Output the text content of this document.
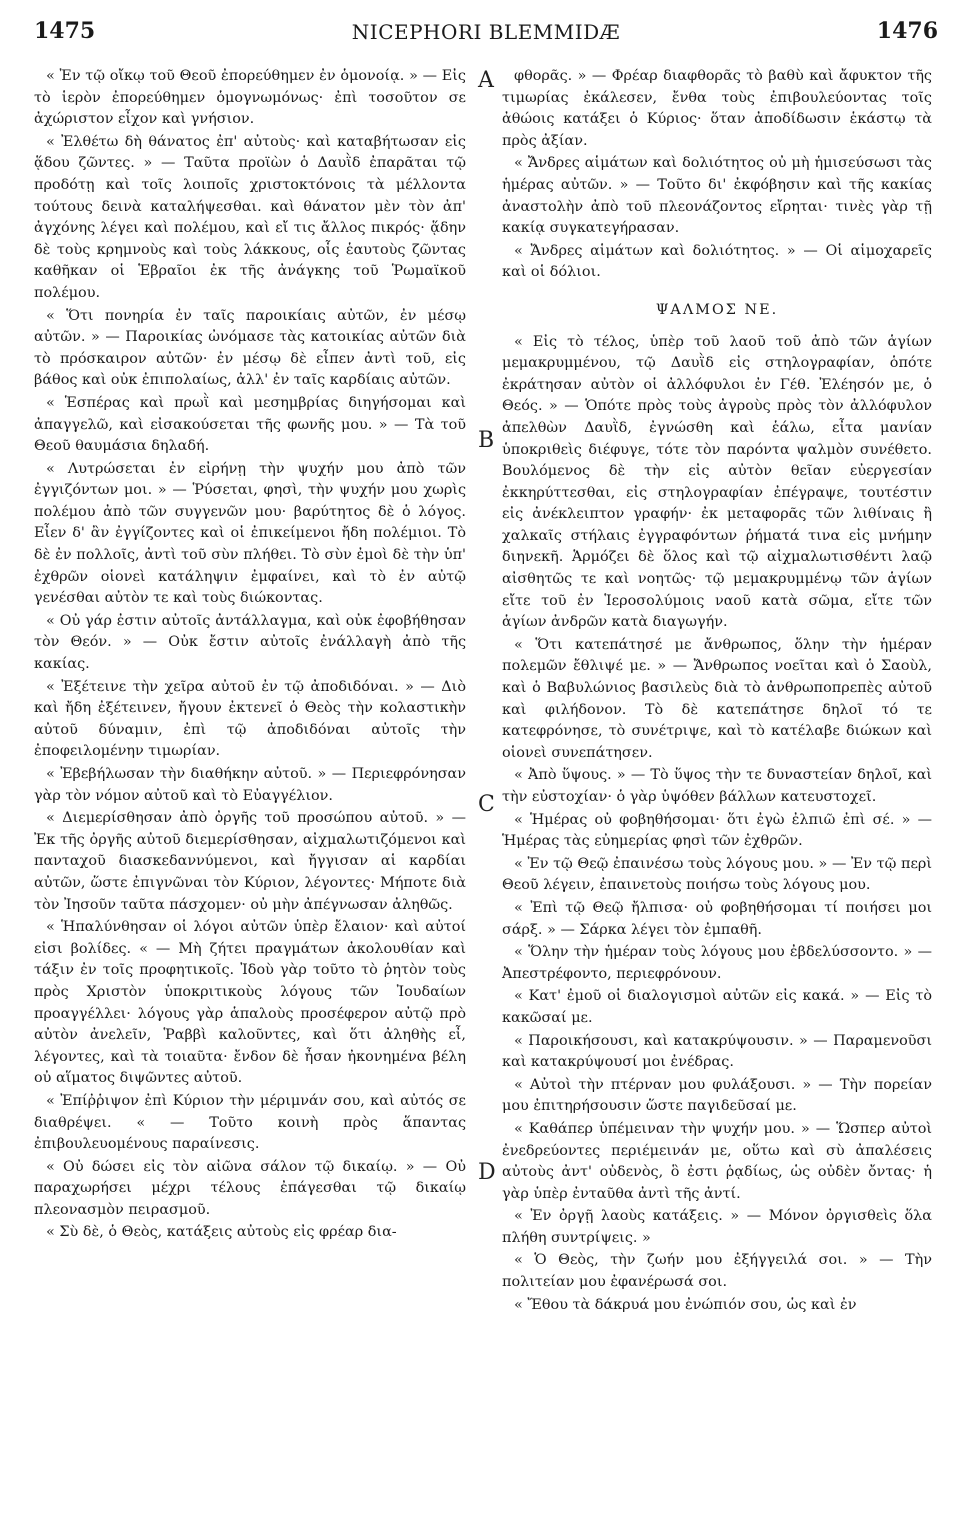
1475	NICEPHORI BLEMMIDÆ	1476

« Ἐν τῷ οἴκῳ τοῦ Θεοῦ ἐπορεύθημεν ἐν ὁμονοίᾳ. » — Εἰς τὸ ἱερὸν ἐπορεύθημεν ὁμογνωμόνως· ἐπὶ τοσοῦτον σε ἀχώριστον εἶχον καὶ γνήσιον.

« Ἐλθέτω δὴ θάνατος ἐπ' αὐτοὺς· καὶ καταβήτωσαν εἰς ᾅδου ζῶντες. » — Ταῦτα προϊὼν ὁ Δαυῒδ ἐπαρᾶται τῷ προδότῃ καὶ τοῖς λοιποῖς χριστοκτόνοις τὰ μέλλοντα τούτους δεινὰ καταλήψεσθαι. καὶ θάνατον μὲν τὸν ἀπ' ἀγχόνης λέγει καὶ πολέμου, καὶ εἴ τις ἄλλος πικρός· ᾅδην δὲ τοὺς κρημνοὺς καὶ τοὺς λάκκους, οἷς ἑαυτοὺς ζῶντας καθῆκαν οἱ Ἑβραῖοι ἐκ τῆς ἀνάγκης τοῦ Ῥωμαϊκοῦ πολέμου.

« Ὅτι πονηρία ἐν ταῖς παροικίαις αὐτῶν, ἐν μέσῳ αὐτῶν. » — Παροικίας ὠνόμασε τὰς κατοικίας αὐτῶν διὰ τὸ πρόσκαιρον αὐτῶν· ἐν μέσῳ δὲ εἶπεν ἀντὶ τοῦ, εἰς βάθος καὶ οὐκ ἐπιπολαίως, ἀλλ' ἐν ταῖς καρδίαις αὐτῶν.

« Ἑσπέρας καὶ πρωῒ καὶ μεσημβρίας διηγήσομαι καὶ ἀπαγγελῶ, καὶ εἰσακούσεται τῆς φωνῆς μου. » — Τὰ τοῦ Θεοῦ θαυμάσια δηλαδή.

« Λυτρώσεται ἐν εἰρήνῃ τὴν ψυχήν μου ἀπὸ τῶν ἐγγιζόντων μοι. » — Ῥύσεται, φησὶ, τὴν ψυχήν μου χωρὶς πολέμου ἀπὸ τῶν συγγενῶν μου· βαρύτητος δὲ ὁ λόγος. Εἶεν δ' ἂν ἐγγίζοντες καὶ οἱ ἐπικείμενοι ἤδη πολέμιοι. Τὸ δὲ ἐν πολλοῖς, ἀντὶ τοῦ σὺν πλήθει. Τὸ σὺν ἐμοὶ δὲ τὴν ὑπ' ἐχθρῶν οἱονεὶ κατάληψιν ἐμφαίνει, καὶ τὸ ἐν αὐτῷ γενέσθαι αὐτὸν τε καὶ τοὺς διώκοντας.

« Οὐ γάρ ἐστιν αὐτοῖς ἀντάλλαγμα, καὶ οὐκ ἐφοβήθησαν τὸν Θεόν. » — Οὐκ ἔστιν αὐτοῖς ἐνάλλαγὴ ἀπὸ τῆς κακίας.

« Ἐξέτεινε τὴν χεῖρα αὐτοῦ ἐν τῷ ἀποδιδόναι. » — Διὸ καὶ ἤδη ἐξέτεινεν, ἤγουν ἐκτενεῖ ὁ Θεὸς τὴν κολαστικὴν αὐτοῦ δύναμιν, ἐπὶ τῷ ἀποδιδόναι αὐτοῖς τὴν ἐποφειλομένην τιμωρίαν.

« Ἐβεβήλωσαν τὴν διαθήκην αὐτοῦ. » — Περιεφρόνησαν γὰρ τὸν νόμον αὐτοῦ καὶ τὸ Εὐαγγέλιον.

« Διεμερίσθησαν ἀπὸ ὀργῆς τοῦ προσώπου αὐτοῦ. » — Ἐκ τῆς ὀργῆς αὐτοῦ διεμερίσθησαν, αἰχμαλωτιζόμενοι καὶ πανταχοῦ διασκεδαννύμενοι, καὶ ἤγγισαν αἱ καρδίαι αὐτῶν, ὥστε ἐπιγνῶναι τὸν Κύριον, λέγοντες· Μήποτε διὰ τὸν Ἰησοῦν ταῦτα πάσχομεν· οὐ μὴν ἀπέγνωσαν ἀληθῶς.

« Ἡπαλύνθησαν οἱ λόγοι αὐτῶν ὑπὲρ ἔλαιον· καὶ αὐτοί εἰσι βολίδες. « — Μὴ ζήτει πραγμάτων ἀκολουθίαν καὶ τάξιν ἐν τοῖς προφητικοῖς. Ἰδοὺ γὰρ τοῦτο τὸ ῥητὸν τοὺς πρὸς Χριστὸν ὑποκριτικοὺς λόγους τῶν Ἰουδαίων προαγγέλλει· λόγους γὰρ ἁπαλοὺς προσέφερον αὐτῷ πρὸ αὐτὸν ἀνελεῖν, Ῥαββὶ καλοῦντες, καὶ ὅτι ἀληθὴς εἶ, λέγοντες, καὶ τὰ τοιαῦτα· ἔνδον δὲ ἦσαν ἠκονημένα βέλη οὐ αἵματος διψῶντες αὐτοῦ.

« Ἐπίῤῥιψον ἐπὶ Κύριον τὴν μέριμνάν σου, καὶ αὐτός σε διαθρέψει. « — Τοῦτο κοινὴ πρὸς ἅπαντας ἐπιβουλευομένους παραίνεσις.

« Οὐ δώσει εἰς τὸν αἰῶνα σάλον τῷ δικαίῳ. » — Οὐ παραχωρήσει μέχρι τέλους ἐπάγεσθαι τῷ δικαίῳ πλεονασμὸν πειρασμοῦ.

« Σὺ δὲ, ὁ Θεὸς, κατάξεις αὐτοὺς εἰς φρέαρ δια-

A
B
C
D

φθορᾶς. » — Φρέαρ διαφθορᾶς τὸ βαθὺ καὶ ἄφυκτον τῆς τιμωρίας ἐκάλεσεν, ἔνθα τοὺς ἐπιβουλεύοντας τοῖς ἀθώοις κατάξει ὁ Κύριος· ὅταν ἀποδίδωσιν ἑκάστῳ τὰ πρὸς ἀξίαν.

« Ἄνδρες αἱμάτων καὶ δολιότητος οὐ μὴ ἡμισεύσωσι τὰς ἡμέρας αὐτῶν. » — Τοῦτο δι' ἐκφόβησιν καὶ τῆς κακίας ἀναστολὴν ἀπὸ τοῦ πλεονάζοντος εἴρηται· τινὲς γὰρ τῇ κακίᾳ συγκατεγήρασαν.

« Ἄνδρες αἱμάτων καὶ δολιότητος. » — Οἱ αἱμοχαρεῖς καὶ οἱ δόλιοι.

ΨΑΛΜΟΣ ΝΕ.

« Εἰς τὸ τέλος, ὑπὲρ τοῦ λαοῦ τοῦ ἀπὸ τῶν ἁγίων μεμακρυμμένου, τῷ Δαυῒδ εἰς στηλογραφίαν, ὁπότε ἐκράτησαν αὐτὸν οἱ ἀλλόφυλοι ἐν Γέθ. Ἐλέησόν με, ὁ Θεός. » — Ὁπότε πρὸς τοὺς ἀγροὺς πρὸς τὸν ἀλλόφυλον ἀπελθὼν Δαυῒδ, ἐγνώσθη καὶ ἑάλω, εἶτα μανίαν ὑποκριθεὶς διέφυγε, τότε τὸν παρόντα ψαλμὸν συνέθετο. Βουλόμενος δὲ τὴν εἰς αὐτὸν θεῖαν εὐεργεσίαν ἐκκηρύττεσθαι, εἰς στηλογραφίαν ἐπέγραψε, τουτέστιν εἰς ἀνέκλειπτον γραφήν· ἐκ μεταφορᾶς τῶν λιθίναις ἢ χαλκαῖς στήλαις ἐγγραφόντων ῥήματά τινα εἰς μνήμην διηνεκῆ. Ἁρμόζει δὲ ὅλος καὶ τῷ αἰχμαλωτισθέντι λαῷ αἰσθητῶς τε καὶ νοητῶς· τῷ μεμακρυμμένῳ τῶν ἁγίων εἴτε τοῦ ἐν Ἱεροσολύμοις ναοῦ κατὰ σῶμα, εἴτε τῶν ἁγίων ἀνδρῶν κατὰ διαγωγήν.

« Ὅτι κατεπάτησέ με ἄνθρωπος, ὅλην τὴν ἡμέραν πολεμῶν ἔθλιψέ με. » — Ἄνθρωπος νοεῖται καὶ ὁ Σαοὺλ, καὶ ὁ Βαβυλώνιος βασιλεὺς διὰ τὸ ἀνθρωποπρεπὲς αὐτοῦ καὶ φιλήδονον. Τὸ δὲ κατεπάτησε δηλοῖ τό τε κατεφρόνησε, τὸ συνέτριψε, καὶ τὸ κατέλαβε διώκων καὶ οἱονεὶ συνεπάτησεν.

« Ἀπὸ ὕψους. » — Τὸ ὕψος τὴν τε δυναστείαν δηλοῖ, καὶ τὴν εὐστοχίαν· ὁ γὰρ ὑψόθεν βάλλων κατευστοχεῖ.

« Ἡμέρας οὐ φοβηθήσομαι· ὅτι ἐγὼ ἐλπιῶ ἐπὶ σέ. » — Ἡμέρας τὰς εὐημερίας φησὶ τῶν ἐχθρῶν.

« Ἐν τῷ Θεῷ ἐπαινέσω τοὺς λόγους μου. » — Ἐν τῷ περὶ Θεοῦ λέγειν, ἐπαινετοὺς ποιήσω τοὺς λόγους μου.

« Ἐπὶ τῷ Θεῷ ἤλπισα· οὐ φοβηθήσομαι τί ποιήσει μοι σάρξ. » — Σάρκα λέγει τὸν ἐμπαθῆ.

« Ὅλην τὴν ἡμέραν τοὺς λόγους μου ἐβδελύσσοντο. » — Ἀπεστρέφοντο, περιεφρόνουν.

« Κατ' ἐμοῦ οἱ διαλογισμοὶ αὐτῶν εἰς κακά. » — Εἰς τὸ κακῶσαί με.

« Παροικήσουσι, καὶ κατακρύψουσιν. » — Παραμενοῦσι καὶ κατακρύψουσί μοι ἐνέδρας.

« Αὐτοὶ τὴν πτέρναν μου φυλάξουσι. » — Τὴν πορείαν μου ἐπιτηρήσουσιν ὥστε παγιδεῦσαί με.

« Καθάπερ ὑπέμειναν τὴν ψυχήν μου. » — Ὥσπερ αὐτοὶ ἐνεδρεύοντες περιέμεινάν με, οὕτω καὶ σὺ ἀπαλέσεις αὐτοὺς ἀντ' οὐδενὸς, ὃ ἐστι ῥᾳδίως, ὡς οὐδὲν ὄντας· ἡ γὰρ ὑπὲρ ἐνταῦθα ἀντὶ τῆς ἀντί.

« Ἐν ὀργῇ λαοὺς κατάξεις. » — Μόνον ὀργισθεὶς ὅλα πλήθη συντρίψεις. »

« Ὁ Θεὸς, τὴν ζωήν μου ἐξήγγειλά σοι. » — Τὴν πολιτείαν μου ἐφανέρωσά σοι.

« Ἔθου τὰ δάκρυά μου ἐνώπιόν σου, ὡς καὶ ἐν
